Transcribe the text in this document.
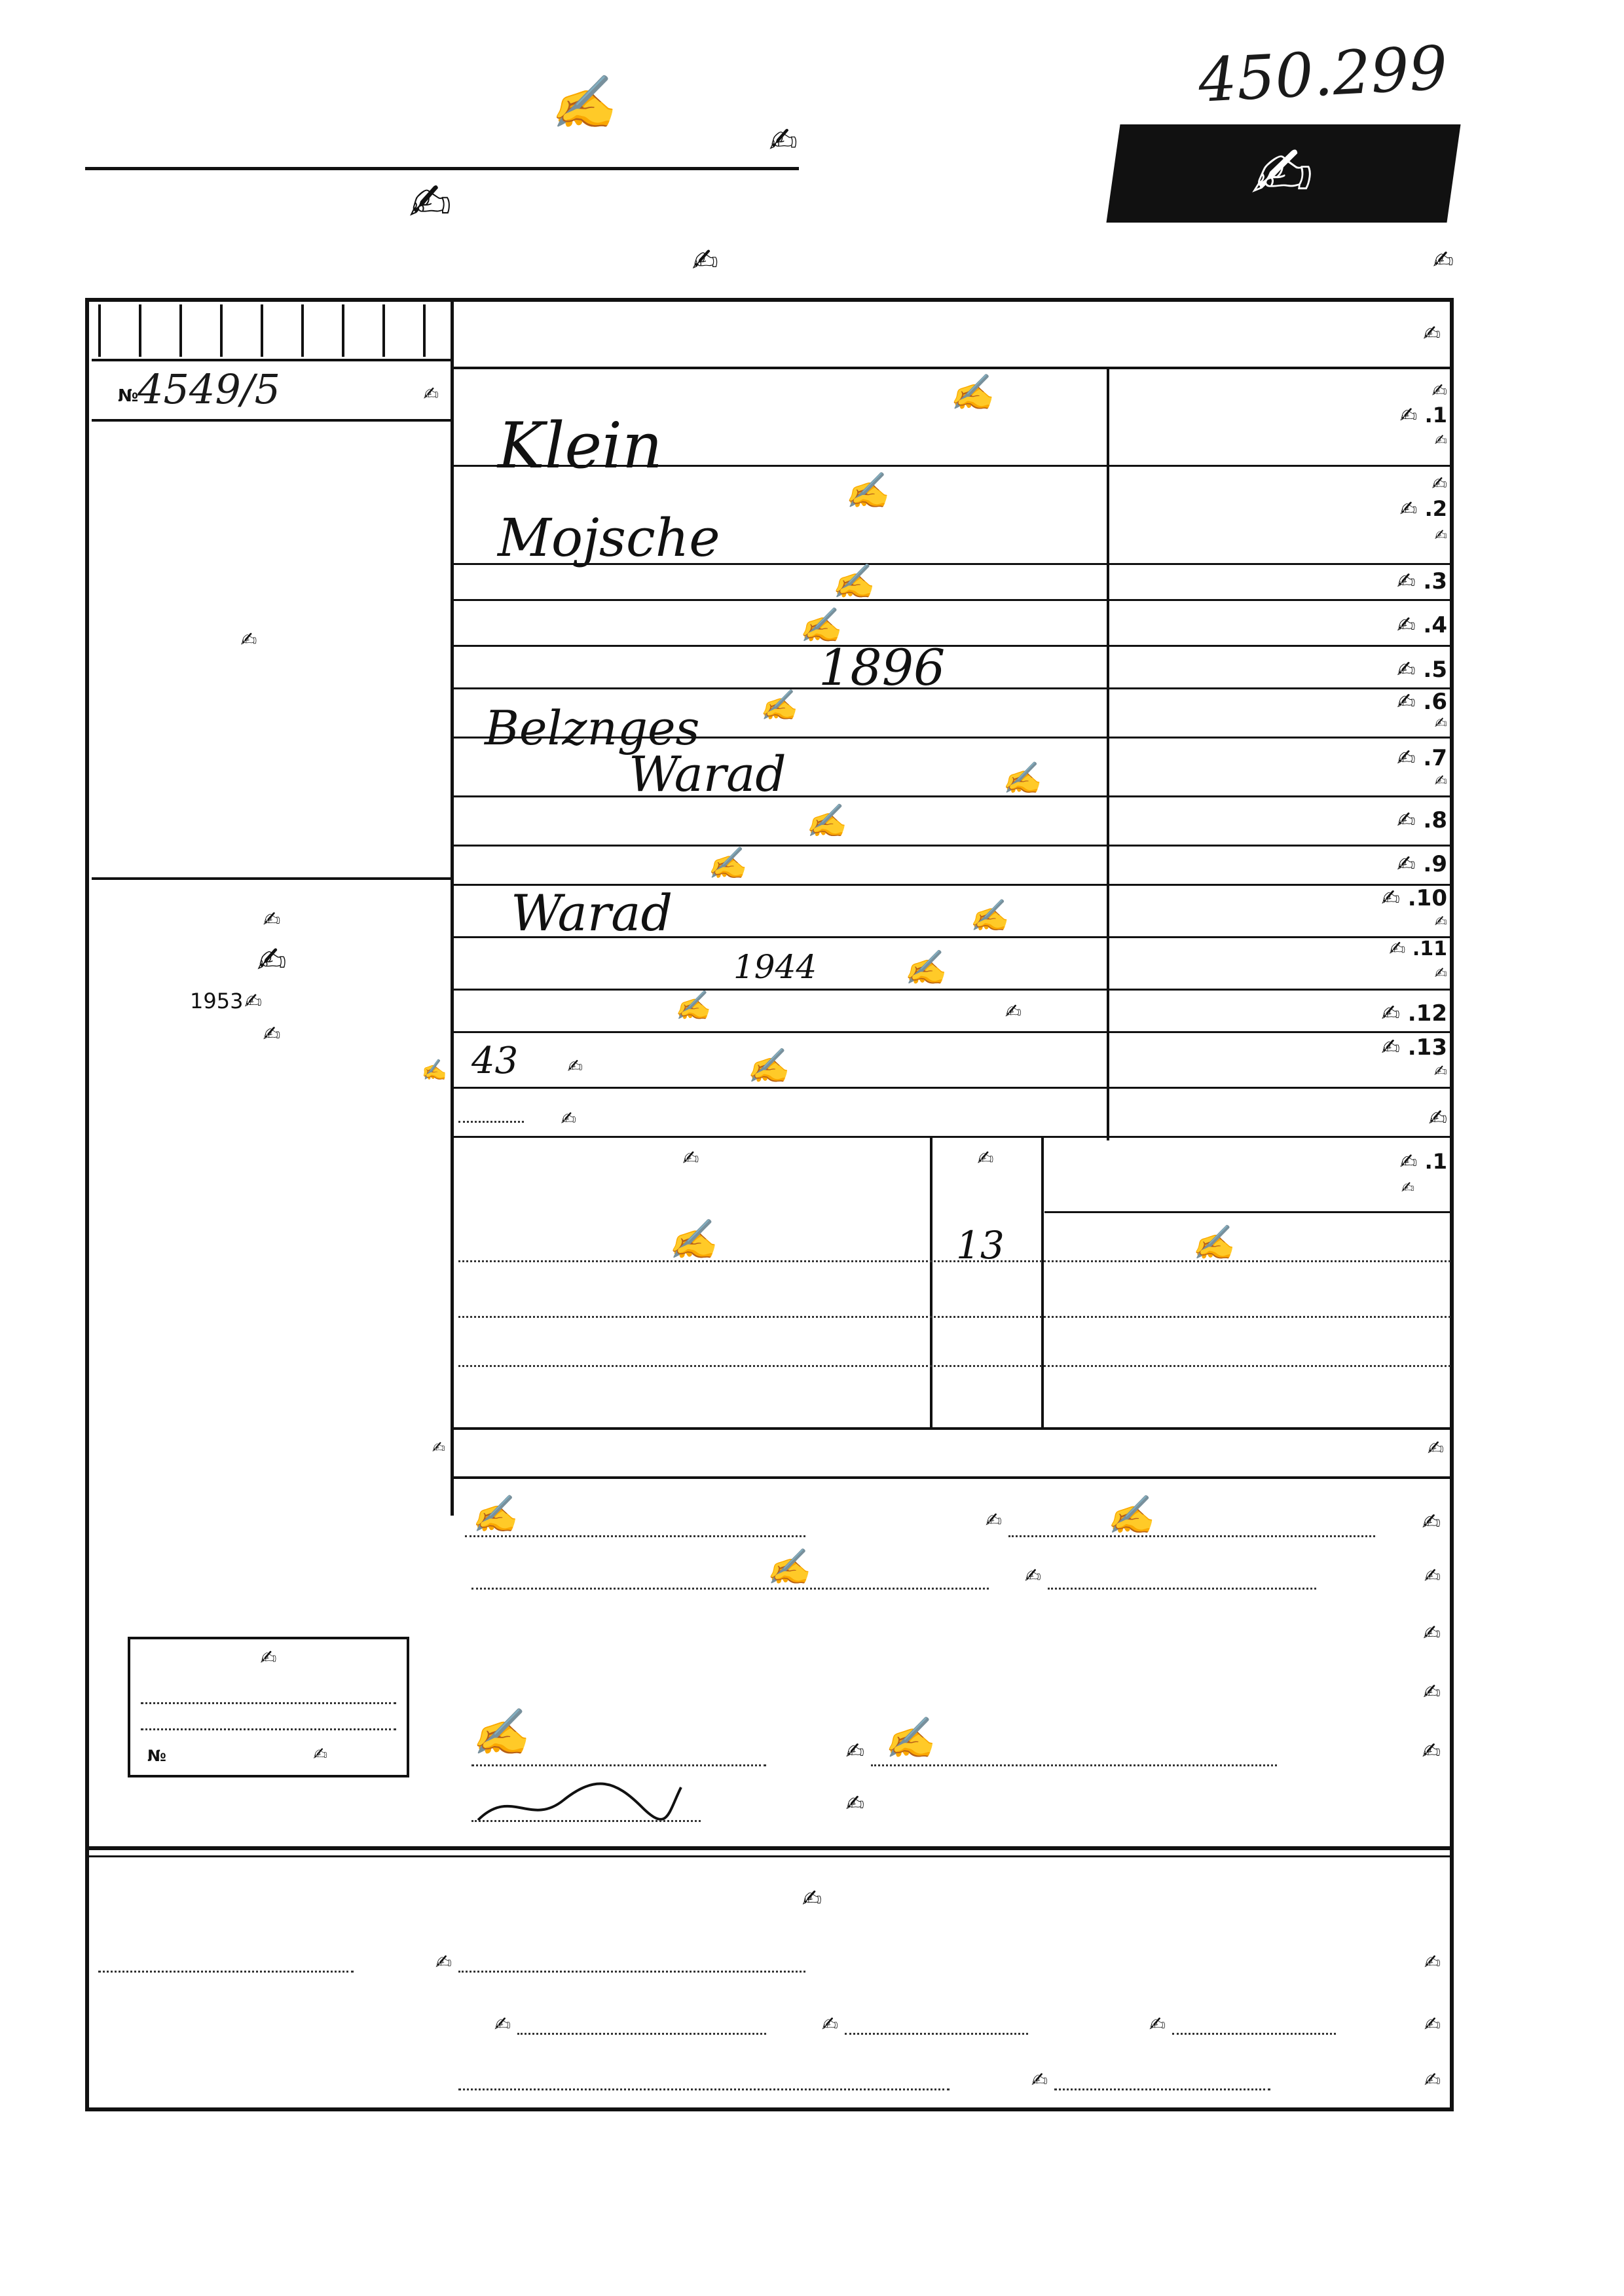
450.299
✍
✍
✍
✍
✍
✍
✍
✍
4549/5
№
✍
✍
✍
✍
1953
✍
✍
✍
1. ✍
✍
✍
✍
Klein
✍
2. ✍
✍
✍
Mojsche
3. ✍
✍
4. ✍
✍
5. ✍
1896
6. ✍
✍
✍
Belznges
7. ✍
✍
✍
Warad
8. ✍
✍
9. ✍
✍
10. ✍
✍
✍
Warad
11. ✍
✍
✍
1944
12. ✍
✍
✍
13. ✍
✍
✍
✍
43
✍
✍
1. ✍
✍
✍
✍
✍
13
✍
✍
✍
✍
✍
✍
✍
✍
✍
✍
✍
✍
✍
✍
✍
✍
✍
✍
№
✍
✍
✍
✍
✍
✍
✍
✍
✍
